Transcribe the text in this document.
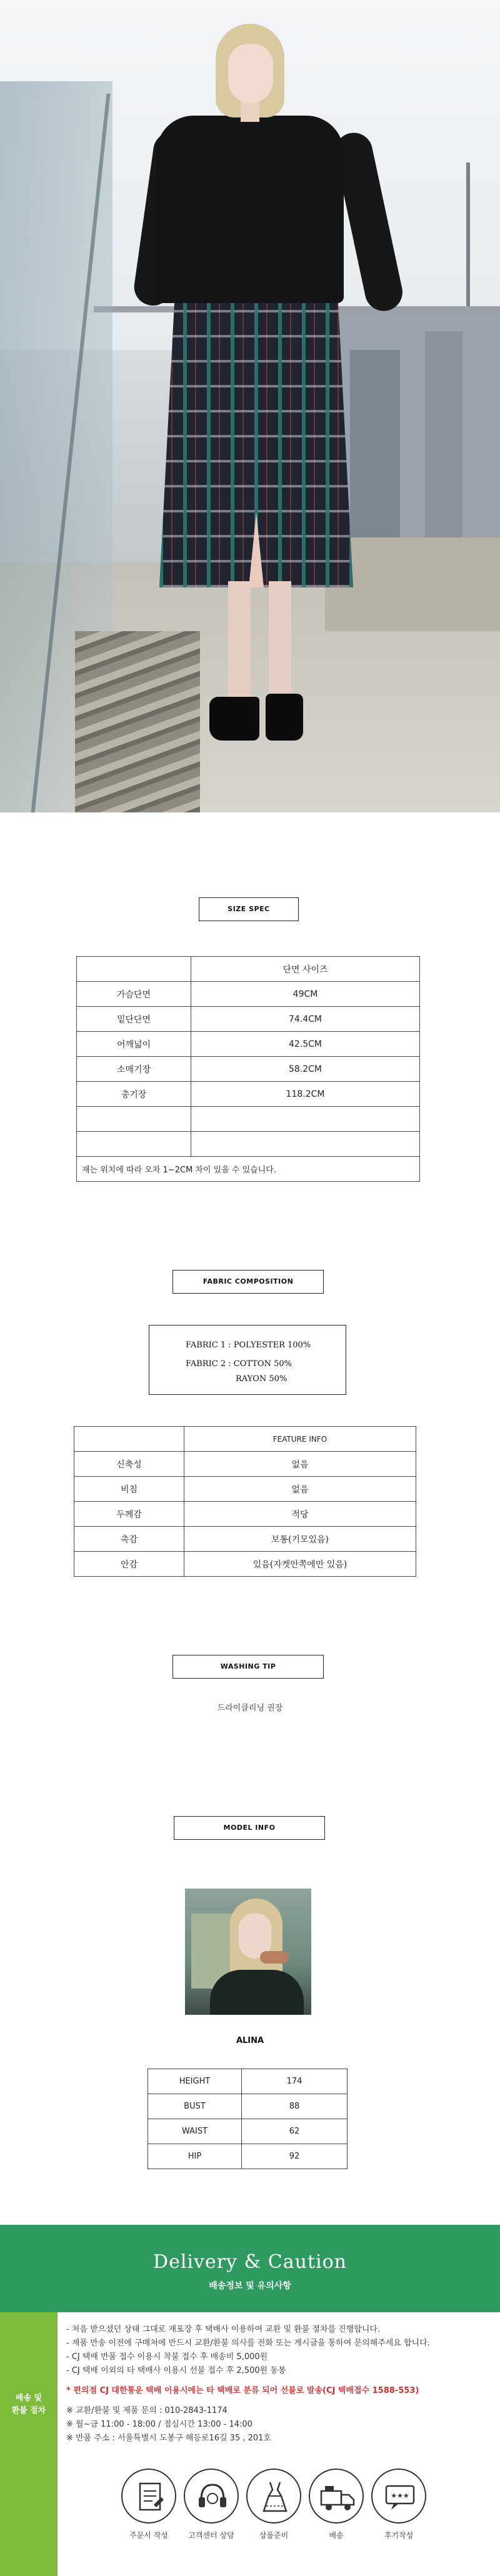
SIZE SPEC
	단면 사이즈
가슴단면	49CM
밑단단면	74.4CM
어깨넓이	42.5CM
소매기장	58.2CM
총기장	118.2CM

재는 위치에 따라 오차 1~2CM 차이 있을 수 있습니다.	
FABRIC COMPOSITION
FABRIC 1 : POLYESTER 100%
FABRIC 2 : COTTON 50%
RAYON 50%
	FEATURE INFO
신축성	없음
비침	없음
두께감	적당
촉감	보통(기모있음)
안감	있음(자켓안쪽에만 있음)
WASHING TIP
드라이클리닝 권장
MODEL INFO
ALINA
HEIGHT	174
BUST	88
WAIST	62
HIP	92
Delivery & Caution
배송정보 및 유의사항
배송 및
환불 절차
- 처음 받으셨던 상태 그대로 재포장 후 택배사 이용하여 교환 및 환불 절차를 진행합니다.
- 제품 반송 이전에 구매처에 반드시 교환/환불 의사를 전화 또는 게시글을 통하여 문의해주세요 합니다.
- CJ 택배 반품 접수 이용시 착불 접수 후 배송비 5,000원
- CJ 택배 이외의 타 택배사 이용시 선불 접수 후 2,500원 동봉
* 편의점 CJ 대한통운 택배 이용시에는 타 택배로 분류 되어 선불로 발송(CJ 택배접수 1588-553)
※ 교환/환불 및 제품 문의 : 010-2843-1174
※ 월~금 11:00 - 18:00 / 점심시간 13:00 - 14:00
※ 반품 주소 : 서울특별시 도봉구 해등로16길 35 , 201호
★★★
주문서 작성	고객센터 상담	상품준비	배송	후기작성
